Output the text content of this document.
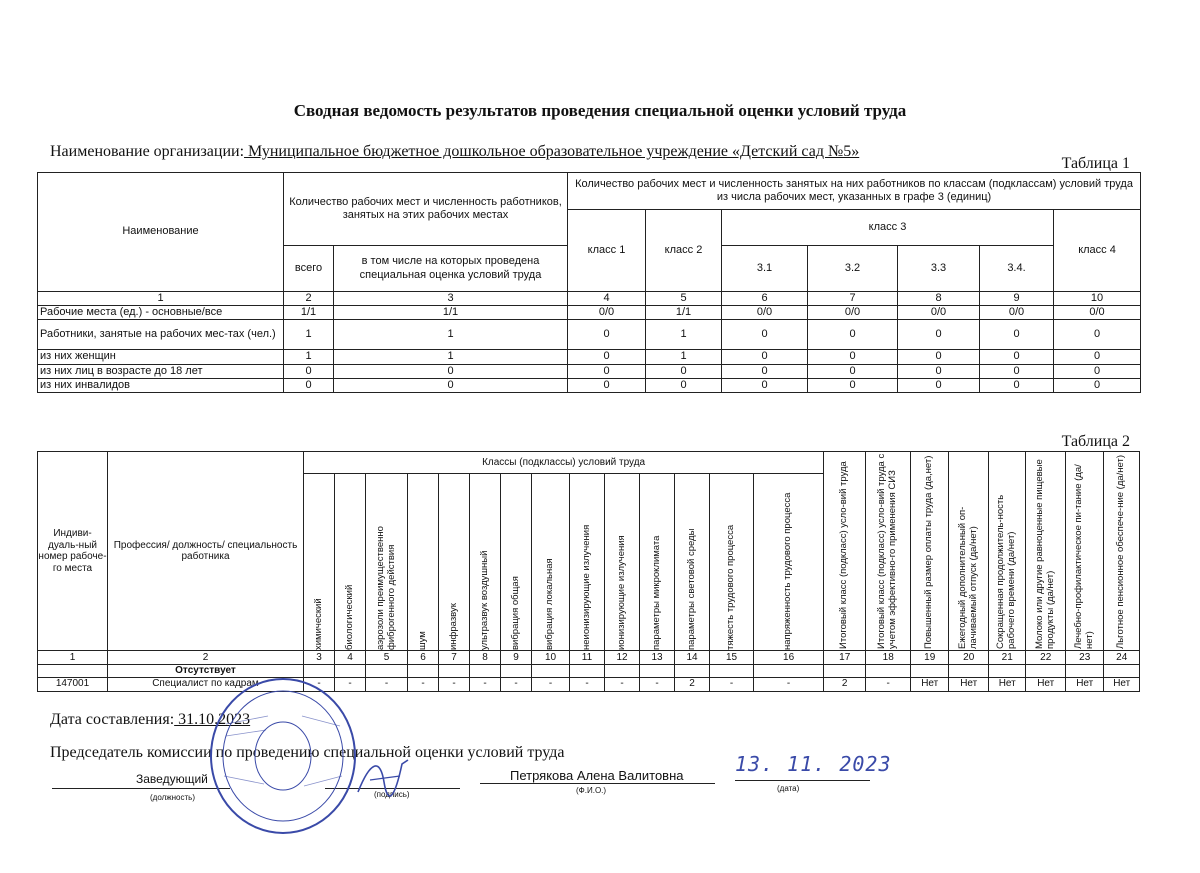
Сводная ведомость результатов проведения специальной оценки условий труда
Наименование организации: Муниципальное бюджетное дошкольное образовательное учреждение «Детский сад №5»
Таблица 1
Наименование	Количество рабочих мест и численность работников, занятых на этих рабочих местах		Количество рабочих мест и численность занятых на них работников по классам (подклассам) условий труда из числа рабочих мест, указанных в графе 3 (единиц)						
			класс 1	класс 2	класс 3				класс 4
	всего	в том числе на которых проведена специальная оценка условий труда			3.1	3.2	3.3	3.4.	
1	2	3	4	5	6	7	8	9	10
Рабочие места (ед.) - основные/все	1/1	1/1	0/0	1/1	0/0	0/0	0/0	0/0	0/0
Работники, занятые на рабочих мес-тах (чел.)	1	1	0	1	0	0	0	0	0
из них женщин	1	1	0	1	0	0	0	0	0
из них лиц в возрасте до 18 лет	0	0	0	0	0	0	0	0	0
из них инвалидов	0	0	0	0	0	0	0	0	0
Таблица 2
Индиви-дуаль-ный номер рабоче-го места	Профессия/ должность/ специальность работника	Классы (подклассы) условий труда														Итоговый класс (подкласс) усло-вий труда	Итоговый класс (подкласс) усло-вий труда с учетом эффективно-го применения СИЗ	Повышенный размер оплаты труда (да,нет)	Ежегодный дополнительный оп-лачиваемый отпуск (да/нет)	Сокращенная продолжитель-ность рабочего времени (да/нет)	Молоко или другие равноценные пищевые продукты (да/нет)	Лечебно-профилактическое пи-тание (да/нет)	Льготное пенсионное обеспече-ние (да/нет)

		химический	биологический	аэрозоли преимущественно фиброгенного действия	шум	инфразвук	ультразвук воздушный	вибрация общая	вибрация локальная	неионизирующие излучения	ионизирующие излучения	параметры микроклимата	параметры световой среды	тяжесть трудового процесса	напряженность трудового процесса								

1	2	3	4	5	6	7	8	9	10	11	12	13	14	15	16	17	18	19	20	21	22	23	24
	Отсутствует																						
147001	Специалист по кадрам	-	-	-	-	-	-	-	-	-	-	-	2	-	-	2	-	Нет	Нет	Нет	Нет	Нет	Нет
Дата составления: 31.10.2023
Председатель комиссии по проведению специальной оценки условий труда
Заведующий
(должность)	(подпись)
Петрякова Алена Валитовна
(Ф.И.О.)
13. 11. 2023
(дата)
